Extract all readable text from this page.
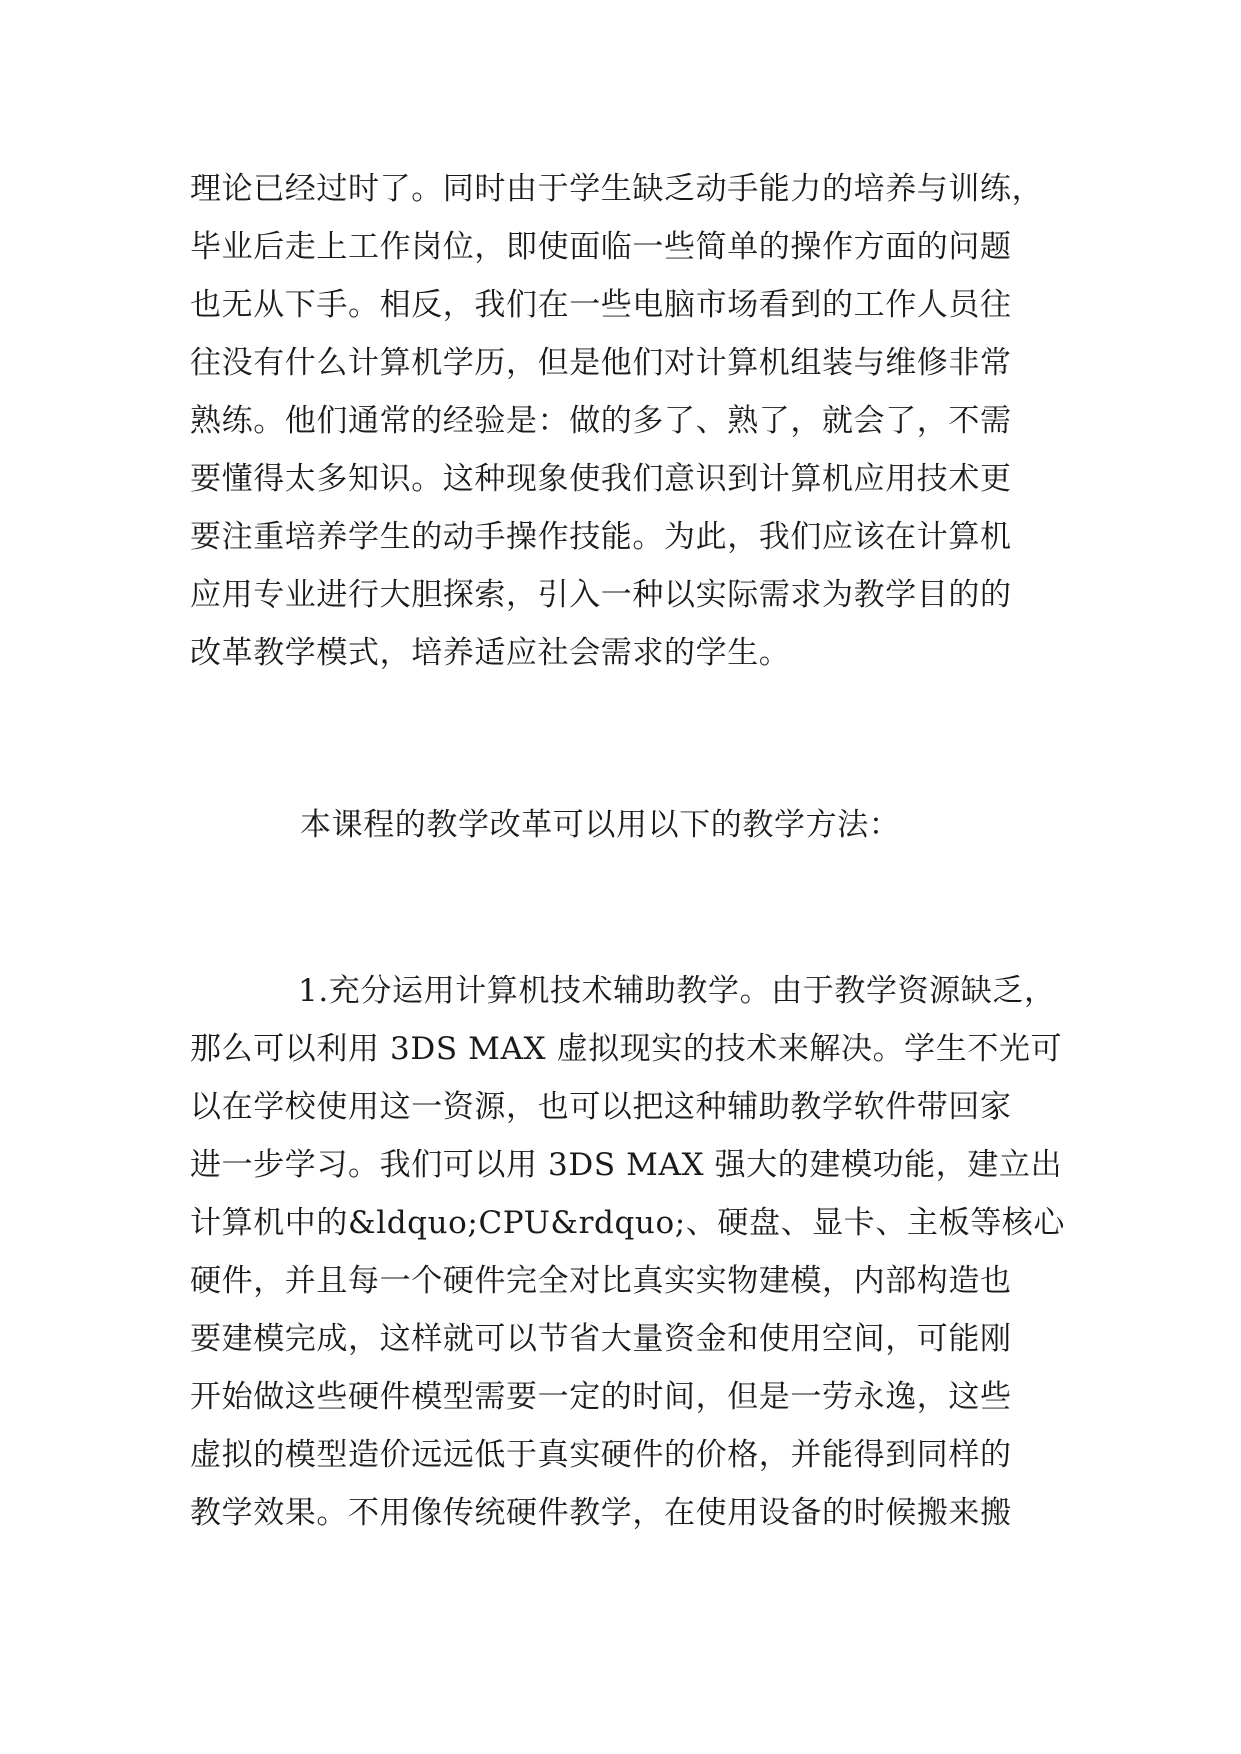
理论已经过时了。同时由于学生缺乏动手能力的培养与训练，
毕业后走上工作岗位，即使面临一些简单的操作方面的问题
也无从下手。相反，我们在一些电脑市场看到的工作人员往
往没有什么计算机学历，但是他们对计算机组装与维修非常
熟练。他们通常的经验是：做的多了、熟了，就会了，不需
要懂得太多知识。这种现象使我们意识到计算机应用技术更
要注重培养学生的动手操作技能。为此，我们应该在计算机
应用专业进行大胆探索，引入一种以实际需求为教学目的的
改革教学模式，培养适应社会需求的学生。
本课程的教学改革可以用以下的教学方法：
1.充分运用计算机技术辅助教学。由于教学资源缺乏，
那么可以利用 3DS MAX 虚拟现实的技术来解决。学生不光可
以在学校使用这一资源，也可以把这种辅助教学软件带回家
进一步学习。我们可以用 3DS MAX 强大的建模功能，建立出
计算机中的&ldquo;CPU&rdquo;、硬盘、显卡、主板等核心
硬件，并且每一个硬件完全对比真实实物建模，内部构造也
要建模完成，这样就可以节省大量资金和使用空间，可能刚
开始做这些硬件模型需要一定的时间，但是一劳永逸，这些
虚拟的模型造价远远低于真实硬件的价格，并能得到同样的
教学效果。不用像传统硬件教学，在使用设备的时候搬来搬
